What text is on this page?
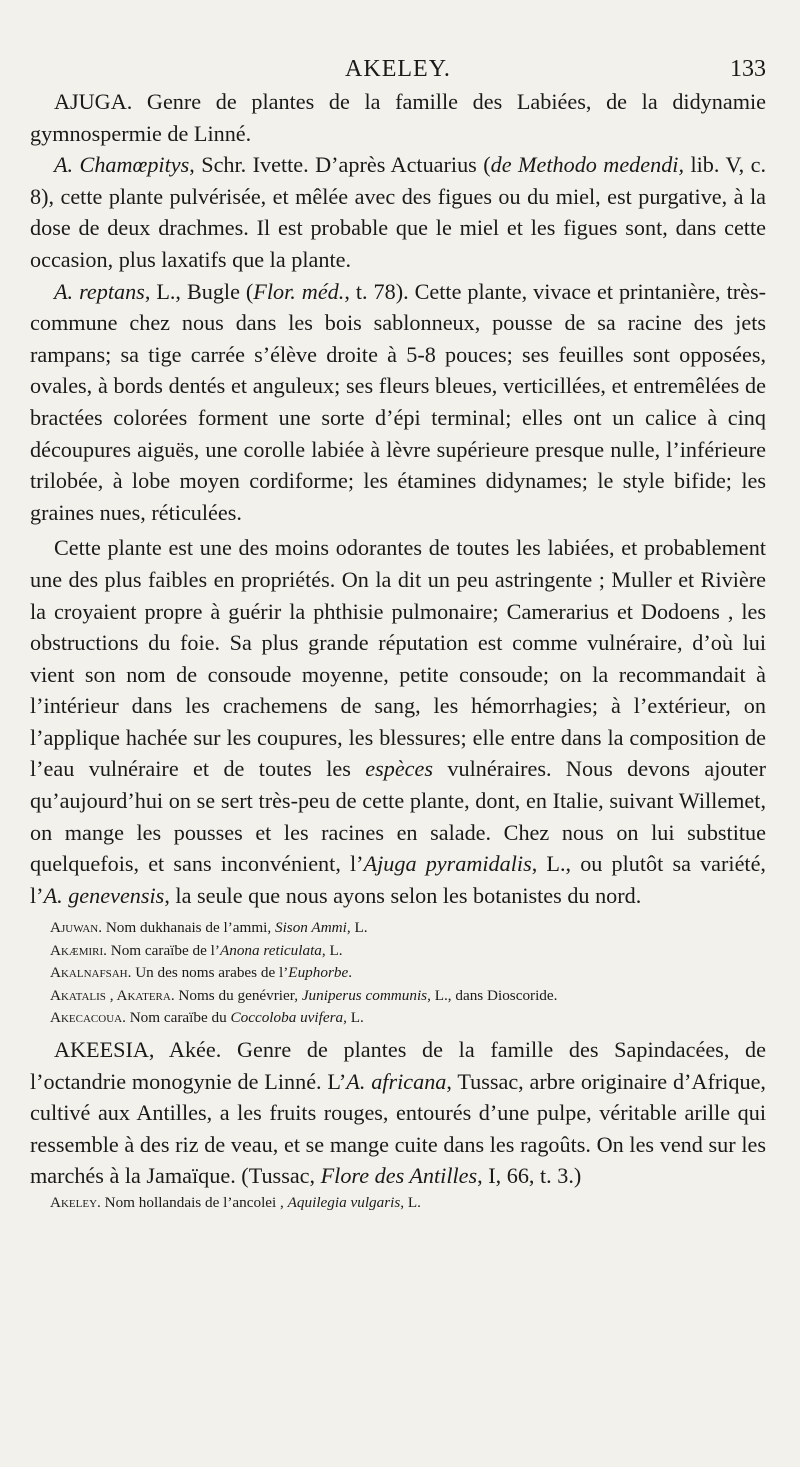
AKELEY.	133

AJUGA. Genre de plantes de la famille des Labiées, de la didynamie gymnospermie de Linné.

A. Chamœpitys, Schr. Ivette. D’après Actuarius (de Methodo medendi, lib. V, c. 8), cette plante pulvérisée, et mêlée avec des figues ou du miel, est purgative, à la dose de deux drachmes. Il est probable que le miel et les figues sont, dans cette occasion, plus laxatifs que la plante.

A. reptans, L., Bugle (Flor. méd., t. 78). Cette plante, vivace et printanière, très-commune chez nous dans les bois sablonneux, pousse de sa racine des jets rampans; sa tige carrée s’élève droite à 5-8 pouces; ses feuilles sont opposées, ovales, à bords dentés et anguleux; ses fleurs bleues, verticillées, et entremêlées de bractées colorées forment une sorte d’épi terminal; elles ont un calice à cinq découpures aiguës, une corolle labiée à lèvre supérieure presque nulle, l’inférieure trilobée, à lobe moyen cordiforme; les étamines didynames; le style bifide; les graines nues, réticulées.

Cette plante est une des moins odorantes de toutes les labiées, et probablement une des plus faibles en propriétés. On la dit un peu astringente ; Muller et Rivière la croyaient propre à guérir la phthisie pulmonaire; Camerarius et Dodoens , les obstructions du foie. Sa plus grande réputation est comme vulnéraire, d’où lui vient son nom de consoude moyenne, petite consoude; on la recommandait à l’intérieur dans les crachemens de sang, les hémorrhagies; à l’extérieur, on l’applique hachée sur les coupures, les blessures; elle entre dans la composition de l’eau vulnéraire et de toutes les espèces vulnéraires. Nous devons ajouter qu’aujourd’hui on se sert très-peu de cette plante, dont, en Italie, suivant Willemet, on mange les pousses et les racines en salade. Chez nous on lui substitue quelquefois, et sans inconvénient, l’Ajuga pyramidalis, L., ou plutôt sa variété, l’A. genevensis, la seule que nous ayons selon les botanistes du nord.

Ajuwan. Nom dukhanais de l’ammi, Sison Ammi, L.

Akæmiri. Nom caraïbe de l’Anona reticulata, L.

Akalnafsah. Un des noms arabes de l’Euphorbe.

Akatalis , Akatera. Noms du genévrier, Juniperus communis, L., dans Dioscoride.

Akecacoua. Nom caraïbe du Coccoloba uvifera, L.

AKEESIA, Akée. Genre de plantes de la famille des Sapindacées, de l’octandrie monogynie de Linné. L’A. africana, Tussac, arbre originaire d’Afrique, cultivé aux Antilles, a les fruits rouges, entourés d’une pulpe, véritable arille qui ressemble à des riz de veau, et se mange cuite dans les ragoûts. On les vend sur les marchés à la Jamaïque. (Tussac, Flore des Antilles, I, 66, t. 3.)

Akeley. Nom hollandais de l’ancolei , Aquilegia vulgaris, L.
